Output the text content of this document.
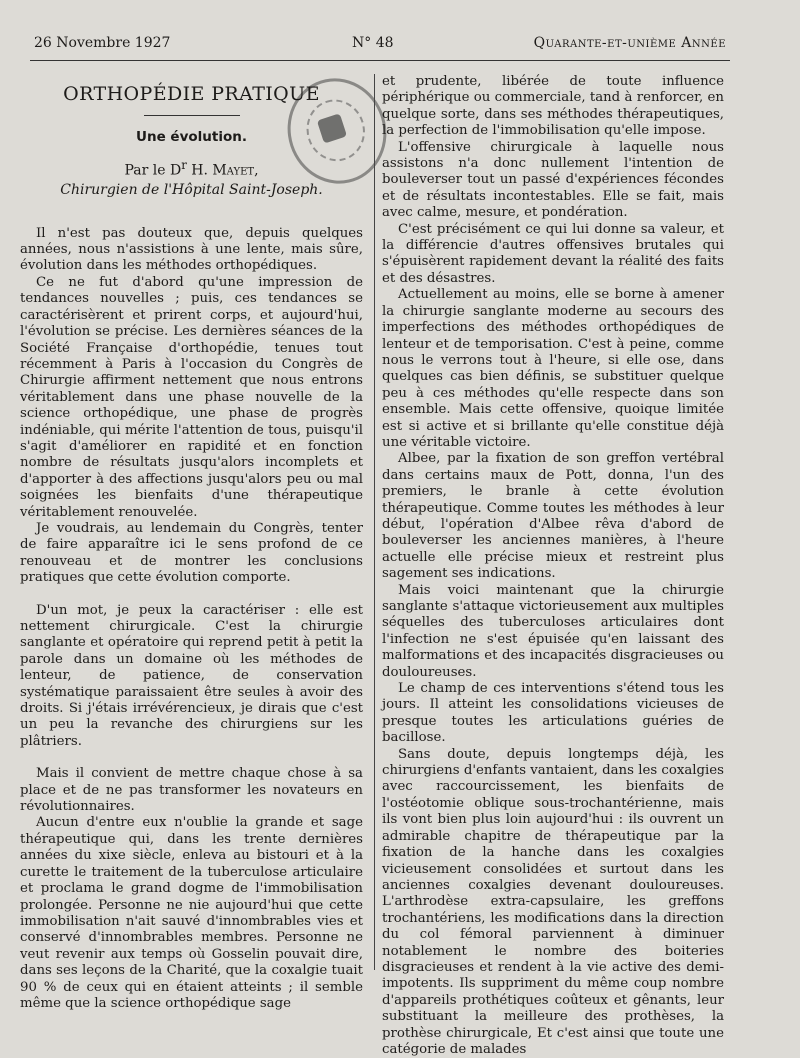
26 Novembre 1927	N° 48	Quarante-et-unième Année
ORTHOPÉDIE PRATIQUE
Une évolution.
Par le $D^r$ H. Mayet,
Chirurgien de l'Hôpital Saint-Joseph.

Il n'est pas douteux que, depuis quelques années, nous n'assistions à une lente, mais sûre, évolution dans les méthodes orthopédiques.

Ce ne fut d'abord qu'une impression de tendances nouvelles ; puis, ces tendances se caractérisèrent et prirent corps, et aujourd'hui, l'évolution se précise. Les dernières séances de la Société Française d'orthopédie, tenues tout récemment à Paris à l'occasion du Congrès de Chirurgie affirment nettement que nous entrons véritablement dans une phase nouvelle de la science orthopédique, une phase de progrès indéniable, qui mérite l'attention de tous, puisqu'il s'agit d'améliorer en rapidité et en fonction nombre de résultats jusqu'alors incomplets et d'apporter à des affections jusqu'alors peu ou mal soignées les bienfaits d'une thérapeutique véritablement renouvelée.

Je voudrais, au lendemain du Congrès, tenter de faire apparaître ici le sens profond de ce renouveau et de montrer les conclusions pratiques que cette évolution comporte.

D'un mot, je peux la caractériser : elle est nettement chirurgicale. C'est la chirurgie sanglante et opératoire qui reprend petit à petit la parole dans un domaine où les méthodes de lenteur, de patience, de conservation systématique paraissaient être seules à avoir des droits. Si j'étais irrévérencieux, je dirais que c'est un peu la revanche des chirurgiens sur les plâtriers.

Mais il convient de mettre chaque chose à sa place et de ne pas transformer les novateurs en révolutionnaires.

Aucun d'entre eux n'oublie la grande et sage thérapeutique qui, dans les trente dernières années du xixe siècle, enleva au bistouri et à la curette le traitement de la tuberculose articulaire et proclama le grand dogme de l'immobilisation prolongée. Personne ne nie aujourd'hui que cette immobilisation n'ait sauvé d'innombrables vies et conservé d'innombrables membres. Personne ne veut revenir aux temps où Gosselin pouvait dire, dans ses leçons de la Charité, que la coxalgie tuait 90 % de ceux qui en étaient atteints ; il semble même que la science orthopédique sage

et prudente, libérée de toute influence périphérique ou commerciale, tand à renforcer, en quelque sorte, dans ses méthodes thérapeutiques, la perfection de l'immobilisation qu'elle impose.

L'offensive chirurgicale à laquelle nous assistons n'a donc nullement l'intention de bouleverser tout un passé d'expériences fécondes et de résultats incontestables. Elle se fait, mais avec calme, mesure, et pondération.

C'est précisément ce qui lui donne sa valeur, et la différencie d'autres offensives brutales qui s'épuisèrent rapidement devant la réalité des faits et des désastres.

Actuellement au moins, elle se borne à amener la chirurgie sanglante moderne au secours des imperfections des méthodes orthopédiques de lenteur et de temporisation. C'est à peine, comme nous le verrons tout à l'heure, si elle ose, dans quelques cas bien définis, se substituer quelque peu à ces méthodes qu'elle respecte dans son ensemble. Mais cette offensive, quoique limitée est si active et si brillante qu'elle constitue déjà une véritable victoire.

Albee, par la fixation de son greffon vertébral dans certains maux de Pott, donna, l'un des premiers, le branle à cette évolution thérapeutique. Comme toutes les méthodes à leur début, l'opération d'Albee rêva d'abord de bouleverser les anciennes manières, à l'heure actuelle elle précise mieux et restreint plus sagement ses indications.

Mais voici maintenant que la chirurgie sanglante s'attaque victorieusement aux multiples séquelles des tuberculoses articulaires dont l'infection ne s'est épuisée qu'en laissant des malformations et des incapacités disgracieuses ou douloureuses.

Le champ de ces interventions s'étend tous les jours. Il atteint les consolidations vicieuses de presque toutes les articulations guéries de bacillose.

Sans doute, depuis longtemps déjà, les chirurgiens d'enfants vantaient, dans les coxalgies avec raccourcissement, les bienfaits de l'ostéotomie oblique sous-trochantérienne, mais ils vont bien plus loin aujourd'hui : ils ouvrent un admirable chapitre de thérapeutique par la fixation de la hanche dans les coxalgies vicieusement consolidées et surtout dans les anciennes coxalgies devenant douloureuses. L'arthrodèse extra-capsulaire, les greffons trochantériens, les modifications dans la direction du col fémoral parviennent à diminuer notablement le nombre des boiteries disgracieuses et rendent à la vie active des demi-impotents. Ils suppriment du même coup nombre d'appareils prothétiques coûteux et gênants, leur substituant la meilleure des prothèses, la prothèse chirurgicale, Et c'est ainsi que toute une catégorie de malades
